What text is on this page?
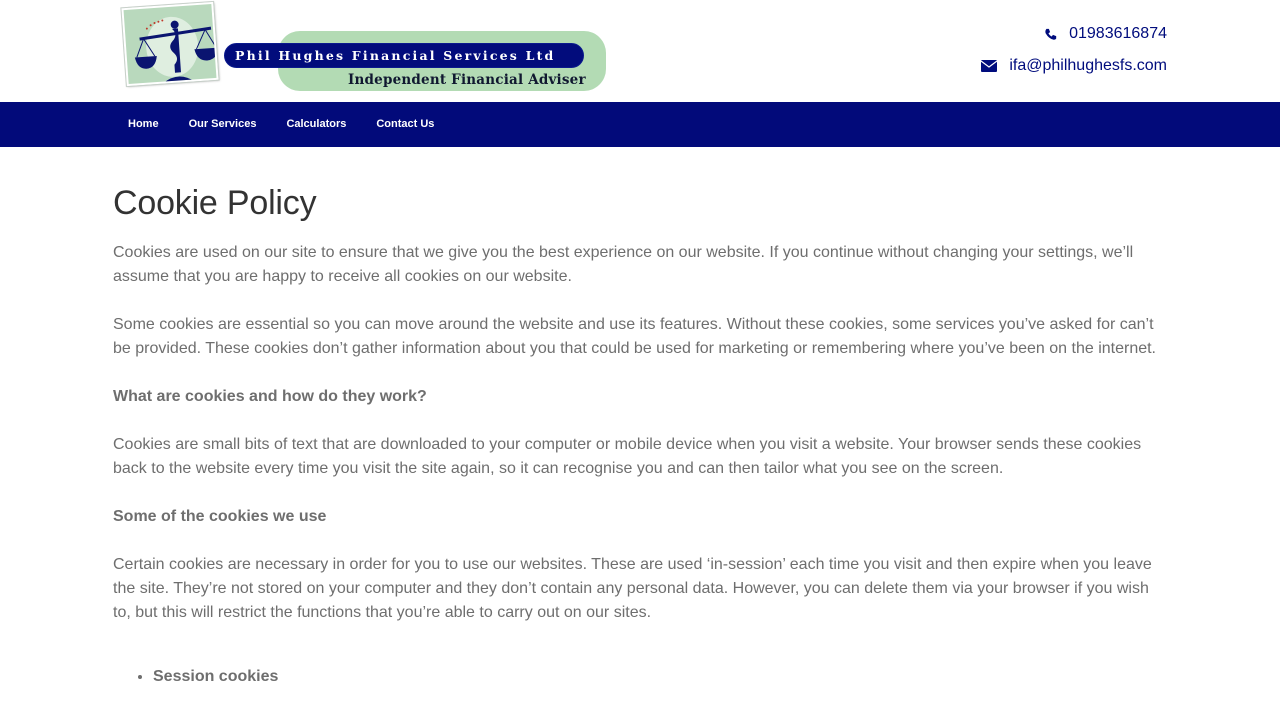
Phil Hughes Financial Services Ltd
Independent Financial Adviser
01983616874
ifa@philhughesfs.com
Home	Our Services	Calculators	Contact Us
Cookie Policy

Cookies are used on our site to ensure that we give you the best experience on our website. If you continue without changing your settings, we’ll assume that you are happy to receive all cookies on our website.

Some cookies are essential so you can move around the website and use its features. Without these cookies, some services you’ve asked for can’t be provided. These cookies don’t gather information about you that could be used for marketing or remembering where you’ve been on the internet.

What are cookies and how do they work?

Cookies are small bits of text that are downloaded to your computer or mobile device when you visit a website. Your browser sends these cookies back to the website every time you visit the site again, so it can recognise you and can then tailor what you see on the screen.

Some of the cookies we use

Certain cookies are necessary in order for you to use our websites. These are used ‘in-session’ each time you visit and then expire when you leave the site. They’re not stored on your computer and they don’t contain any personal data. However, you can delete them via your browser if you wish to, but this will restrict the functions that you’re able to carry out on our sites.

• Session cookies
